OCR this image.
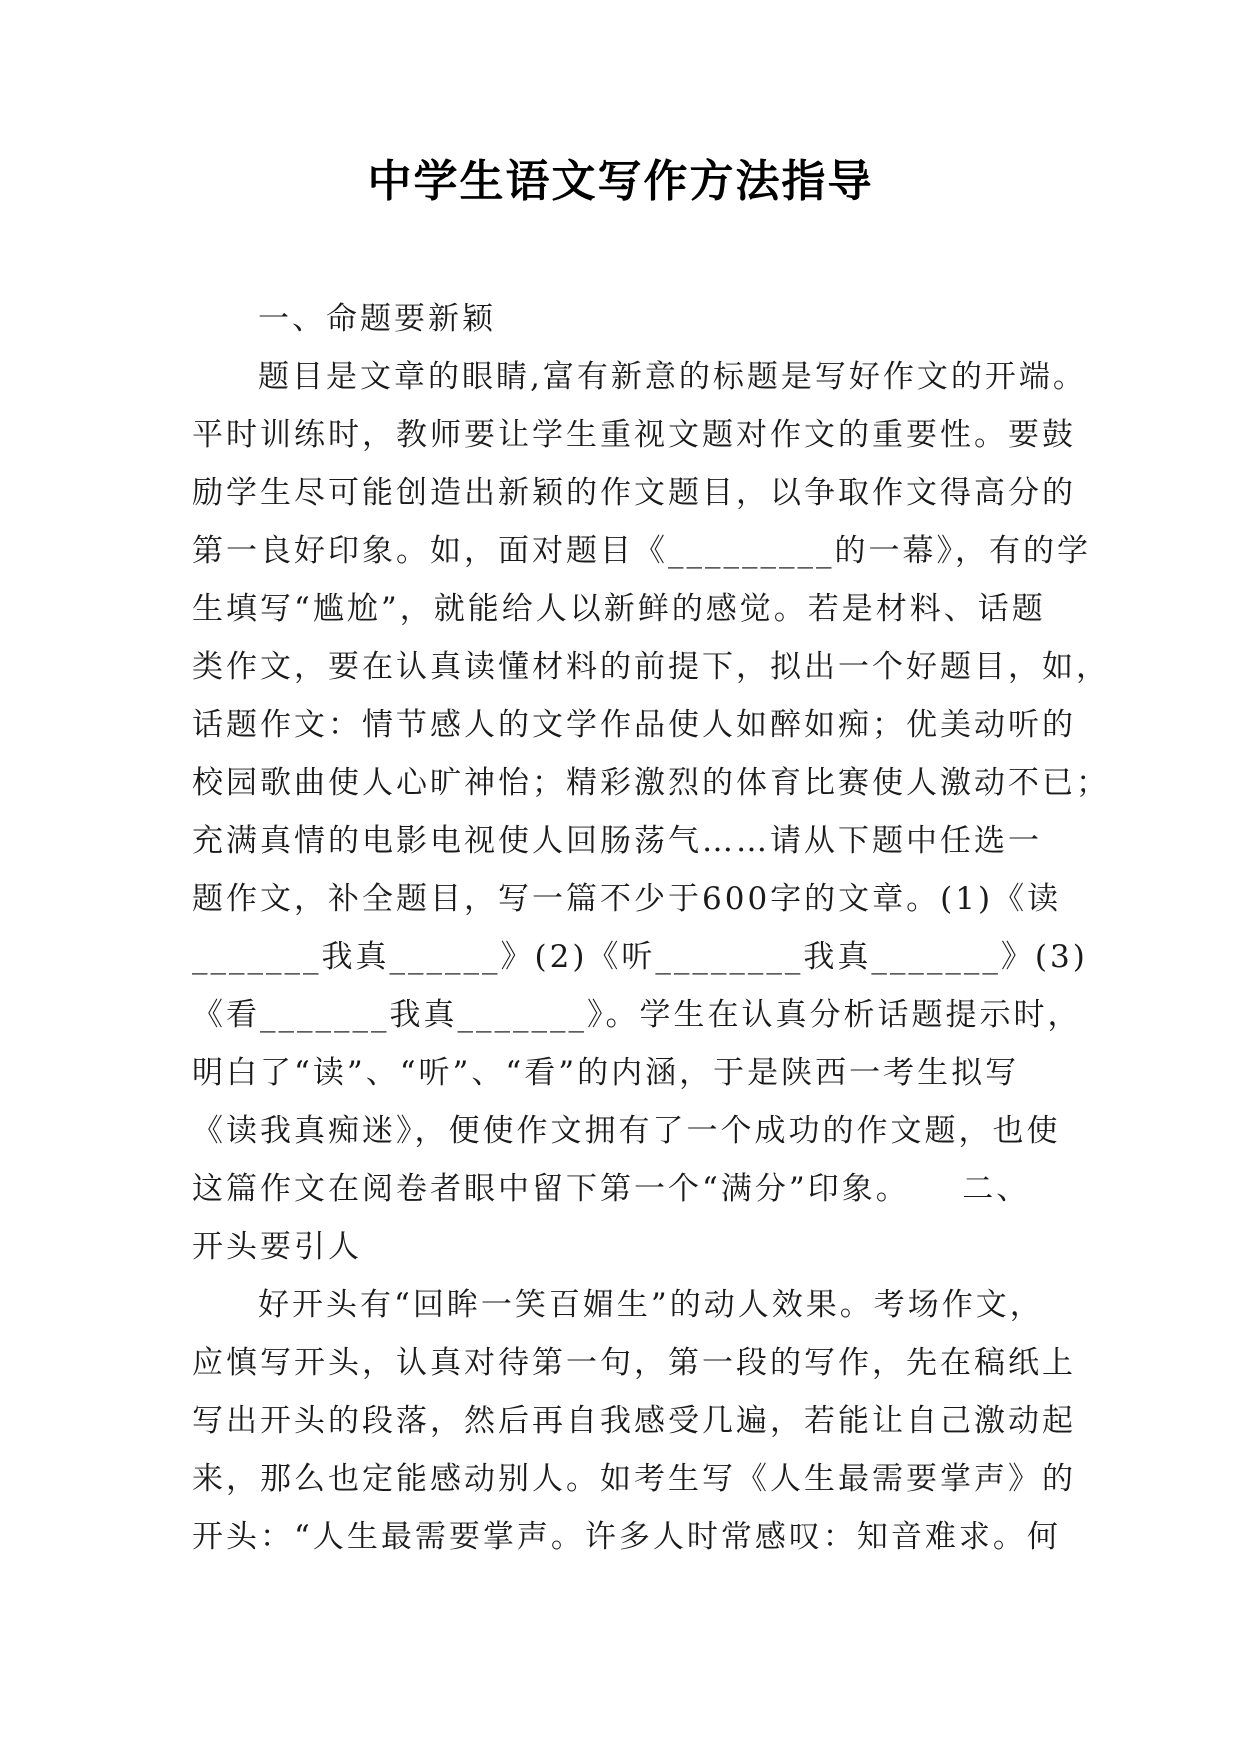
中学生语文写作方法指导
一、命题要新颖
题目是文章的眼睛,富有新意的标题是写好作文的开端。
平时训练时，教师要让学生重视文题对作文的重要性。要鼓
励学生尽可能创造出新颖的作文题目，以争取作文得高分的
第一良好印象。如，面对题目《_________的一幕》，有的学
生填写“尴尬”，就能给人以新鲜的感觉。若是材料、话题
类作文，要在认真读懂材料的前提下，拟出一个好题目，如，
话题作文：情节感人的文学作品使人如醉如痴；优美动听的
校园歌曲使人心旷神怡；精彩激烈的体育比赛使人激动不已；
充满真情的电影电视使人回肠荡气……请从下题中任选一
题作文，补全题目，写一篇不少于600字的文章。(1)《读
_______我真______》(2)《听________我真_______》(3)
《看_______我真_______》。学生在认真分析话题提示时，
明白了“读”、“听”、“看”的内涵，于是陕西一考生拟写
《读我真痴迷》，便使作文拥有了一个成功的作文题，也使
这篇作文在阅卷者眼中留下第一个“满分”印象。　　二、
开头要引人
好开头有“回眸一笑百媚生”的动人效果。考场作文，
应慎写开头，认真对待第一句，第一段的写作，先在稿纸上
写出开头的段落，然后再自我感受几遍，若能让自己激动起
来，那么也定能感动别人。如考生写《人生最需要掌声》的
开头：“人生最需要掌声。许多人时常感叹：知音难求。何
